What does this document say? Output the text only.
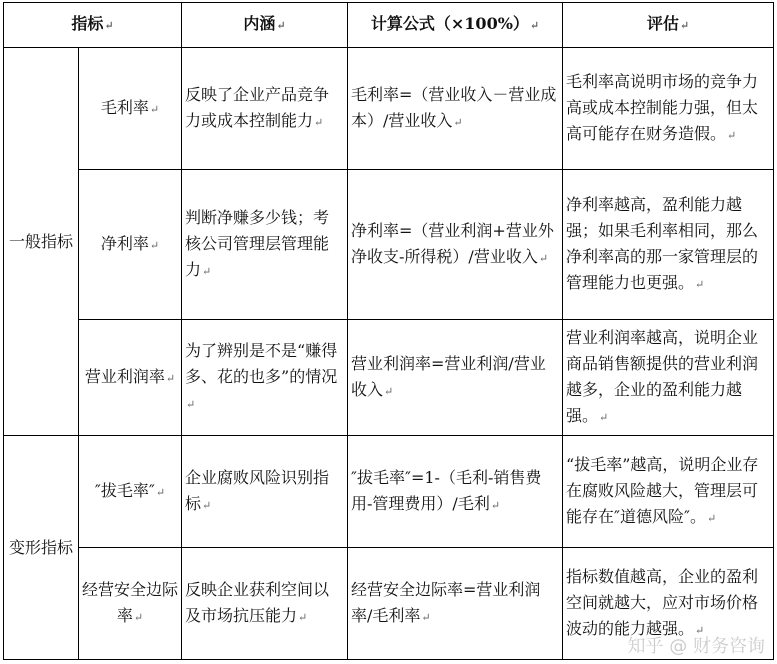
指标↵		内涵↵	计算公式（×100%）↵	评估↵
一般指标	毛利率↵	反映了企业产品竞争力或成本控制能力↵	毛利率=（营业收入－营业成本）/营业收入↵	毛利率高说明市场的竞争力高或成本控制能力强，但太高可能存在财务造假。↵
	净利率↵	判断净赚多少钱；考核公司管理层管理能力↵	净利率=（营业利润+营业外净收支-所得税）/营业收入↵	净利率越高，盈利能力越强；如果毛利率相同，那么净利率高的那一家管理层的管理能力也更强。↵
	营业利润率↵	为了辨别是不是“赚得多、花的也多”的情况↵	营业利润率=营业利润/营业收入↵	营业利润率越高，说明企业商品销售额提供的营业利润越多，企业的盈利能力越强。↵
变形指标	″拔毛率″↵	企业腐败风险识别指标↵	″拔毛率″=1-（毛利-销售费用-管理费用）/毛利↵	“拔毛率”越高，说明企业存在腐败风险越大，管理层可能存在″道德风险″。↵
	经营安全边际率↵	反映企业获利空间以及市场抗压能力↵	经营安全边际率=营业利润率/毛利率↵	指标数值越高，企业的盈利空间就越大，应对市场价格波动的能力越强。↵
知乎 @ 财务咨询
